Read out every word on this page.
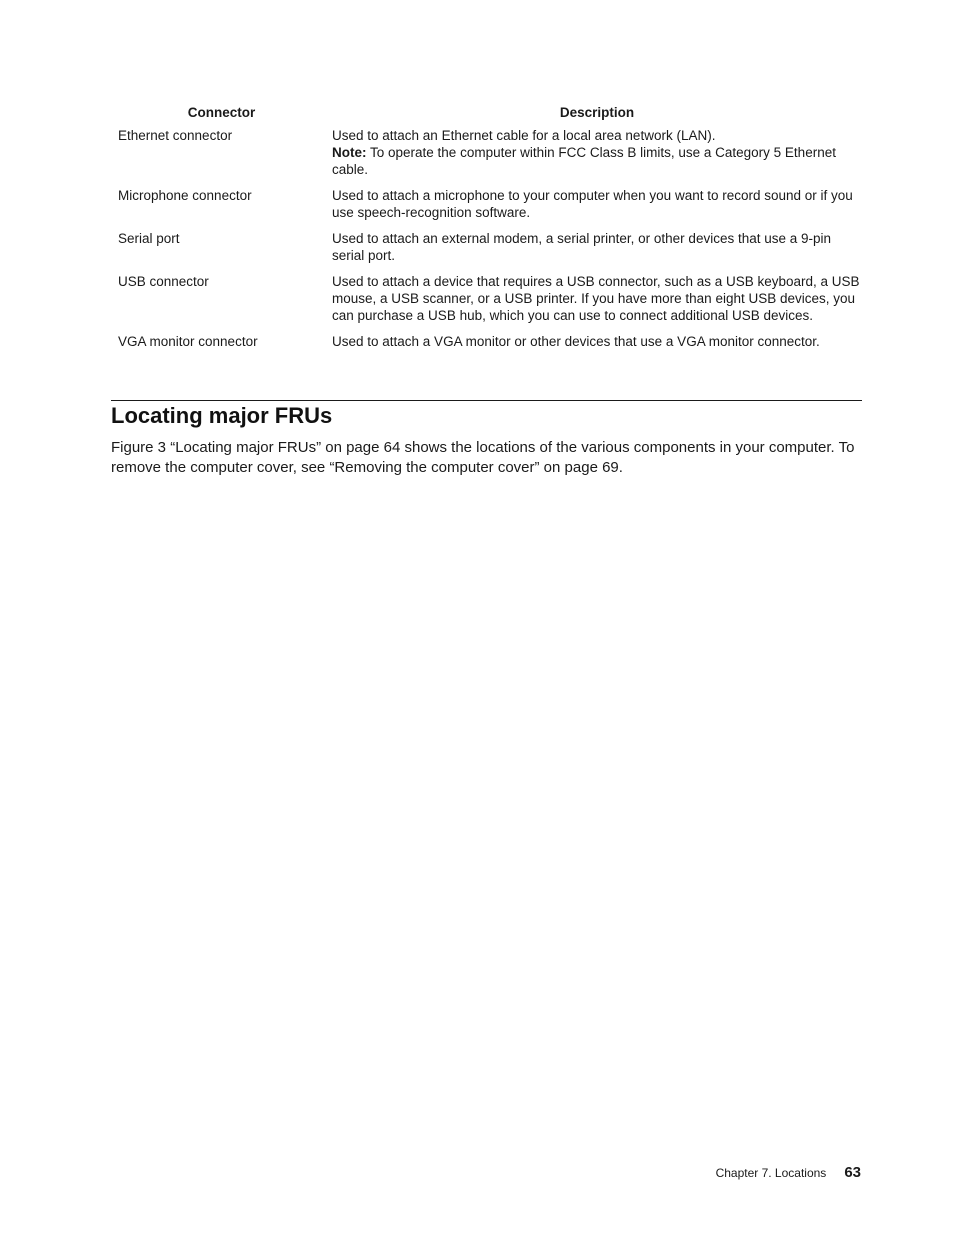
Connector	Description
Ethernet connector	Used to attach an Ethernet cable for a local area network (LAN).
Note: To operate the computer within FCC Class B limits, use a Category 5 Ethernet cable.

Microphone connector	Used to attach a microphone to your computer when you want to record sound or if you use speech-recognition software.
Serial port	Used to attach an external modem, a serial printer, or other devices that use a 9-pin serial port.
USB connector	Used to attach a device that requires a USB connector, such as a USB keyboard, a USB mouse, a USB scanner, or a USB printer. If you have more than eight USB devices, you can purchase a USB hub, which you can use to connect additional USB devices.
VGA monitor connector	Used to attach a VGA monitor or other devices that use a VGA monitor connector.
Locating major FRUs

Figure 3 “Locating major FRUs” on page 64 shows the locations of the various components in your computer. To remove the computer cover, see “Removing the computer cover” on page 69.

Chapter 7. Locations 63
